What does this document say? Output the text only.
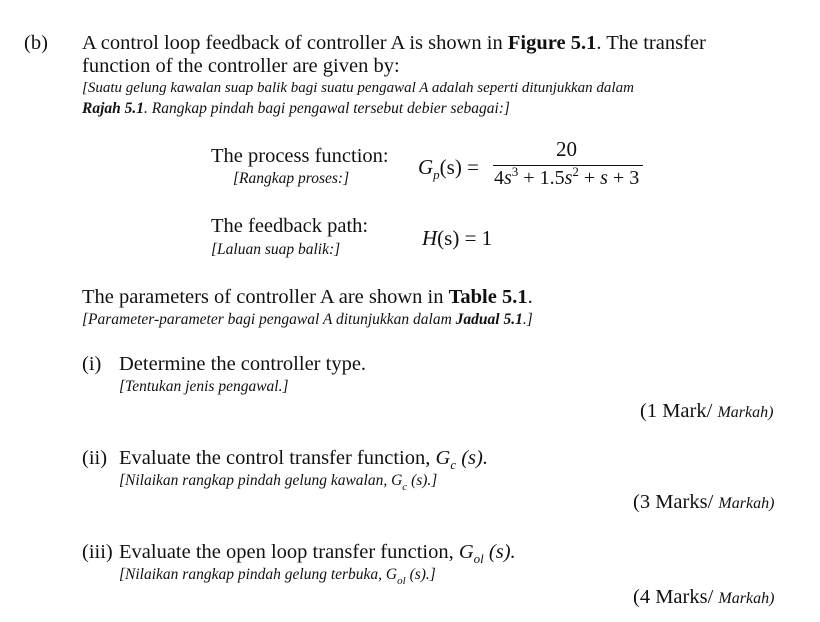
(b) A control loop feedback of controller A is shown in Figure 5.1. The transfer
function of the controller are given by:
[Suatu gelung kawalan suap balik bagi suatu pengawal A adalah seperti ditunjukkan dalam
Rajah 5.1. Rangkap pindah bagi pengawal tersebut debier sebagai:]
The process function:
[Rangkap proses:]	$G_p(s)$ =
20
$4s^3 + 1.5s^2 + s + 3$
The feedback path:
[Laluan suap balik:]	H(s) = 1
The parameters of controller A are shown in Table 5.1.
[Parameter-parameter bagi pengawal A ditunjukkan dalam Jadual 5.1.]
(i) Determine the controller type.
[Tentukan jenis pengawal.]
(1 Mark/ Markah)
(ii) Evaluate the control transfer function, $G_c$ (s).
[Nilaikan rangkap pindah gelung kawalan, $G_c$ (s).]
(3 Marks/ Markah)
(iii) Evaluate the open loop transfer function, $G_{ol}$ (s).
[Nilaikan rangkap pindah gelung terbuka, $G_{ol}$ (s).]
(4 Marks/ Markah)
